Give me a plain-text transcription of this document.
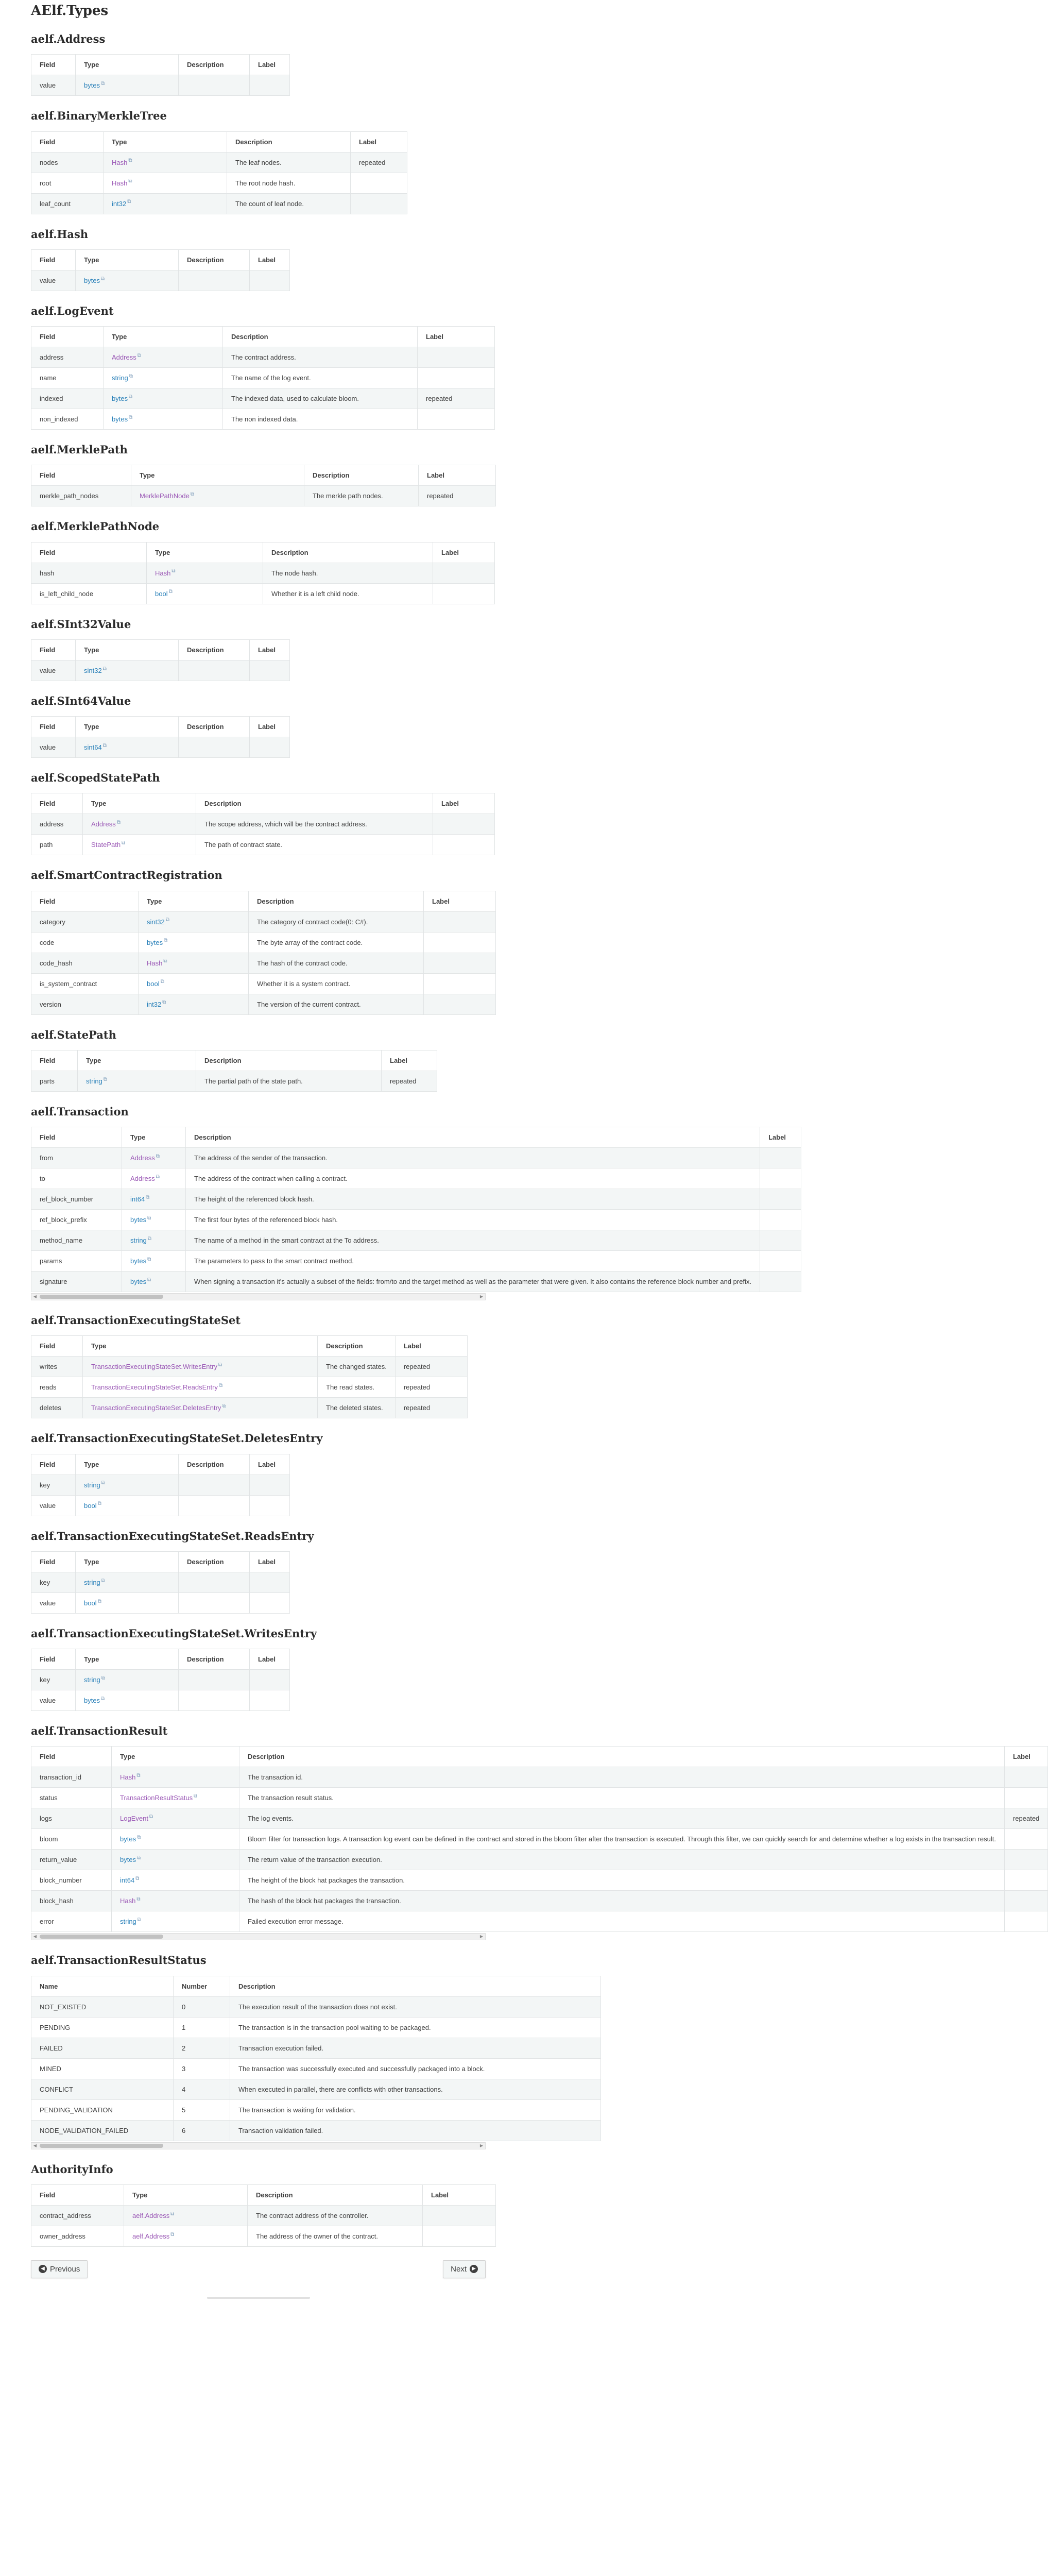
AElf.Types
aelf.Address
Field	Type	Description	Label
value	bytes ⧉		
aelf.BinaryMerkleTree
Field	Type	Description	Label
nodes	Hash ⧉	The leaf nodes.	repeated
root	Hash ⧉	The root node hash.	
leaf_count	int32 ⧉	The count of leaf node.	
aelf.Hash
Field	Type	Description	Label
value	bytes ⧉		
aelf.LogEvent
Field	Type	Description	Label
address	Address ⧉	The contract address.	
name	string ⧉	The name of the log event.	
indexed	bytes ⧉	The indexed data, used to calculate bloom.	repeated
non_indexed	bytes ⧉	The non indexed data.	
aelf.MerklePath
Field	Type	Description	Label
merkle_path_nodes	MerklePathNode ⧉	The merkle path nodes.	repeated
aelf.MerklePathNode
Field	Type	Description	Label
hash	Hash ⧉	The node hash.	
is_left_child_node	bool ⧉	Whether it is a left child node.	
aelf.SInt32Value
Field	Type	Description	Label
value	sint32 ⧉		
aelf.SInt64Value
Field	Type	Description	Label
value	sint64 ⧉		
aelf.ScopedStatePath
Field	Type	Description	Label
address	Address ⧉	The scope address, which will be the contract address.	
path	StatePath ⧉	The path of contract state.	
aelf.SmartContractRegistration
Field	Type	Description	Label
category	sint32 ⧉	The category of contract code(0: C#).	
code	bytes ⧉	The byte array of the contract code.	
code_hash	Hash ⧉	The hash of the contract code.	
is_system_contract	bool ⧉	Whether it is a system contract.	
version	int32 ⧉	The version of the current contract.	
aelf.StatePath
Field	Type	Description	Label
parts	string ⧉	The partial path of the state path.	repeated
aelf.Transaction
Field	Type	Description	Label
from	Address ⧉	The address of the sender of the transaction.	
to	Address ⧉	The address of the contract when calling a contract.	
ref_block_number	int64 ⧉	The height of the referenced block hash.	
ref_block_prefix	bytes ⧉	The first four bytes of the referenced block hash.	
method_name	string ⧉	The name of a method in the smart contract at the To address.	
params	bytes ⧉	The parameters to pass to the smart contract method.	
signature	bytes ⧉	When signing a transaction it's actually a subset of the fields: from/to and the target method as well as the parameter that were given. It also contains the reference block number and prefix.	
◀	▶
aelf.TransactionExecutingStateSet
Field	Type	Description	Label
writes	TransactionExecutingStateSet.WritesEntry ⧉	The changed states.	repeated
reads	TransactionExecutingStateSet.ReadsEntry ⧉	The read states.	repeated
deletes	TransactionExecutingStateSet.DeletesEntry ⧉	The deleted states.	repeated
aelf.TransactionExecutingStateSet.DeletesEntry
Field	Type	Description	Label
key	string ⧉		
value	bool ⧉		
aelf.TransactionExecutingStateSet.ReadsEntry
Field	Type	Description	Label
key	string ⧉		
value	bool ⧉		
aelf.TransactionExecutingStateSet.WritesEntry
Field	Type	Description	Label
key	string ⧉		
value	bytes ⧉		
aelf.TransactionResult
Field	Type	Description	Label
transaction_id	Hash ⧉	The transaction id.	
status	TransactionResultStatus ⧉	The transaction result status.	
logs	LogEvent ⧉	The log events.	repeated
bloom	bytes ⧉	Bloom filter for transaction logs. A transaction log event can be defined in the contract and stored in the bloom filter after the transaction is executed. Through this filter, we can quickly search for and determine whether a log exists in the transaction result.	
return_value	bytes ⧉	The return value of the transaction execution.	
block_number	int64 ⧉	The height of the block hat packages the transaction.	
block_hash	Hash ⧉	The hash of the block hat packages the transaction.	
error	string ⧉	Failed execution error message.	
◀	▶
aelf.TransactionResultStatus
Name	Number	Description
NOT_EXISTED	0	The execution result of the transaction does not exist.
PENDING	1	The transaction is in the transaction pool waiting to be packaged.
FAILED	2	Transaction execution failed.
MINED	3	The transaction was successfully executed and successfully packaged into a block.
CONFLICT	4	When executed in parallel, there are conflicts with other transactions.
PENDING_VALIDATION	5	The transaction is waiting for validation.
NODE_VALIDATION_FAILED	6	Transaction validation failed.
◀	▶
AuthorityInfo
Field	Type	Description	Label
contract_address	aelf.Address ⧉	The contract address of the controller.	
owner_address	aelf.Address ⧉	The address of the owner of the contract.	
◀ Previous	Next	▶
